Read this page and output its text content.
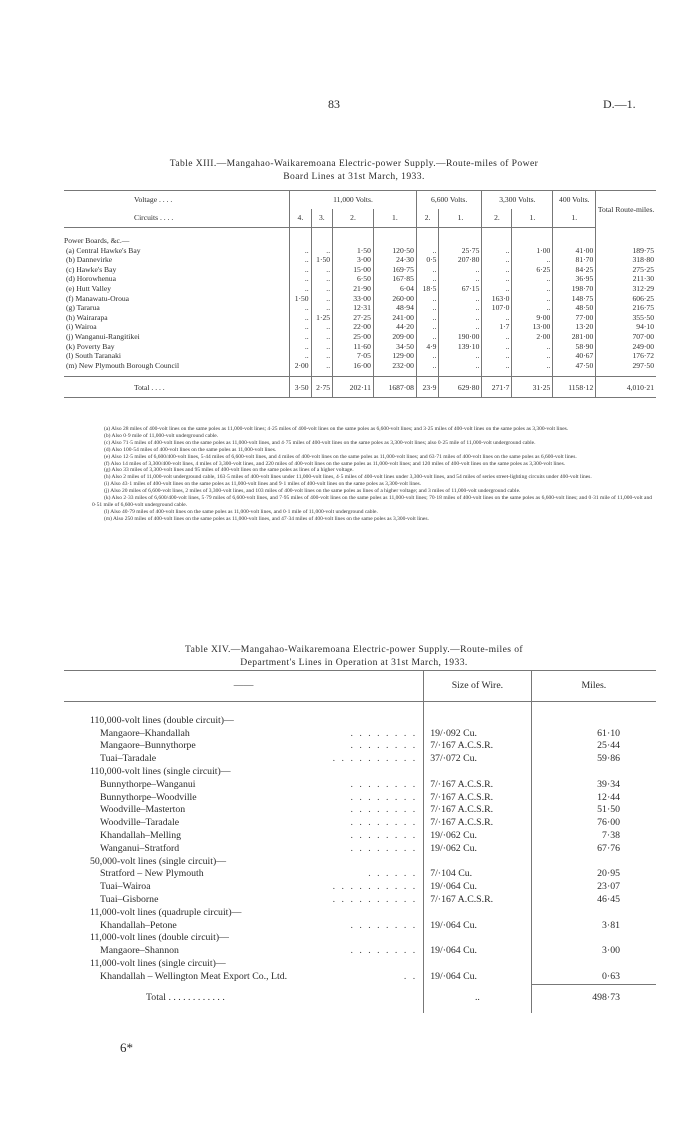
83	D.—1.
Table XIII.—Mangahao-Waikaremoana Electric-power Supply.—Route-miles of Power
Board Lines at 31st March, 1933.
Voltage . . . .	11,000 Volts.				6,600 Volts.		3,300 Volts.		400 Volts.	Total Route-miles.
Circuits . . . .	4.	3.	2.	1.	2.	1.	2.	1.	1.	
Power Boards, &c.—										
(a) Central Hawke's Bay	..	..	1·50	120·50	..	25·75	..	1·00	41·00	189·75
(b) Dannevirke	..	1·50	3·00	24·30	0·5	207·80	..	..	81·70	318·80
(c) Hawke's Bay	..	..	15·00	169·75	..	..	..	6·25	84·25	275·25
(d) Horowhenua	..	..	6·50	167·85	..	..	..	..	36·95	211·30
(e) Hutt Valley	..	..	21·90	6·04	18·5	67·15	..	..	198·70	312·29
(f) Manawatu-Oroua	1·50	..	33·00	260·00	..	..	163·0	..	148·75	606·25
(g) Tararua	..	..	12·31	48·94	..	..	107·0	..	48·50	216·75
(h) Wairarapa	..	1·25	27·25	241·00	..	..	..	9·00	77·00	355·50
(i) Wairoa	..	..	22·00	44·20	..	..	1·7	13·00	13·20	94·10
(j) Wanganui-Rangitikei	..	..	25·00	209·00	..	190·00	..	2·00	281·00	707·00
(k) Poverty Bay	..	..	11·60	34·50	4·9	139·10	..	..	58·90	249·00
(l) South Taranaki	..	..	7·05	129·00	..	..	..	..	40·67	176·72
(m) New Plymouth Borough Council	2·00	..	16·00	232·00	..	..	..	..	47·50	297·50

Total . . . .	3·50	2·75	202·11	1687·08	23·9	629·80	271·7	31·25	1158·12	4,010·21

(a) Also 28 miles of 400-volt lines on the same poles as 11,000-volt lines; 4·25 miles of 400-volt lines on the same poles as 6,600-volt lines; and 3·25 miles of 400-volt lines on the same poles as 3,300-volt lines.

(b) Also 0·9 mile of 11,000-volt underground cable.

(c) Also 71·5 miles of 400-volt lines on the same poles as 11,000-volt lines, and 4·75 miles of 400-volt lines on the same poles as 3,300-volt lines; also 0·25 mile of 11,000-volt underground cable.

(d) Also 100·54 miles of 400-volt lines on the same poles as 11,000-volt lines.

(e) Also 12·5 miles of 6,600/400-volt lines, 5·44 miles of 6,600-volt lines, and 4 miles of 400-volt lines on the same poles as 11,000-volt lines; and 63·71 miles of 400-volt lines on the same poles as 6,600-volt lines.

(f) Also 14 miles of 3,300/400-volt lines, 4 miles of 3,300-volt lines, and 220 miles of 400-volt lines on the same poles as 11,000-volt lines; and 120 miles of 400-volt lines on the same poles as 3,300-volt lines.

(g) Also 33 miles of 3,300-volt lines and 95 miles of 400-volt lines on the same poles as lines of a higher voltage.

(h) Also 2 miles of 11,000-volt underground cable, 163·5 miles of 400-volt lines under 11,000-volt lines, 4·5 miles of 400-volt lines under 3,300-volt lines, and 54 miles of series street-lighting circuits under 400-volt lines.

(i) Also 43·1 miles of 400-volt lines on the same poles as 11,000-volt lines and 9·1 miles of 400-volt lines on the same poles as 3,300-volt lines.

(j) Also 20 miles of 6,600-volt lines, 2 miles of 3,300-volt lines, and 103 miles of 400-volt lines on the same poles as lines of a higher voltage; and 3 miles of 11,000-volt underground cable.

(k) Also 2·33 miles of 6,600/400-volt lines, 5·79 miles of 6,600-volt lines, and 7·95 miles of 400-volt lines on the same poles as 11,000-volt lines; 70·18 miles of 400-volt lines on the same poles as 6,600-volt lines; and 0·31 mile of 11,000-volt and 0·51 mile of 6,600-volt underground cable.

(l) Also 40·79 miles of 400-volt lines on the same poles as 11,000-volt lines, and 0·1 mile of 11,000-volt underground cable.

(m) Also 250 miles of 400-volt lines on the same poles as 11,000-volt lines, and 47·34 miles of 400-volt lines on the same poles as 3,300-volt lines.

Table XIV.—Mangahao-Waikaremoana Electric-power Supply.—Route-miles of
Department's Lines in Operation at 31st March, 1933.
——	Size of Wire.	Miles.

110,000-volt lines (double circuit)—		
Mangaore–Khandallah . . . . . . . .	19/·092 Cu.	61·10
Mangaore–Bunnythorpe . . . . . . . .	7/·167 A.C.S.R.	25·44
Tuai–Taradale . . . . . . . . . .	37/·072 Cu.	59·86
110,000-volt lines (single circuit)—		
Bunnythorpe–Wanganui . . . . . . . .	7/·167 A.C.S.R.	39·34
Bunnythorpe–Woodville . . . . . . . .	7/·167 A.C.S.R.	12·44
Woodville–Masterton . . . . . . . .	7/·167 A.C.S.R.	51·50
Woodville–Taradale . . . . . . . .	7/·167 A.C.S.R.	76·00
Khandallah–Melling . . . . . . . .	19/·062 Cu.	7·38
Wanganui–Stratford . . . . . . . .	19/·062 Cu.	67·76
50,000-volt lines (single circuit)—		
Stratford – New Plymouth . . . . . .	7/·104 Cu.	20·95
Tuai–Wairoa . . . . . . . . . .	19/·064 Cu.	23·07
Tuai–Gisborne . . . . . . . . . .	7/·167 A.C.S.R.	46·45
11,000-volt lines (quadruple circuit)—		
Khandallah–Petone . . . . . . . .	19/·064 Cu.	3·81
11,000-volt lines (double circuit)—		
Mangaore–Shannon . . . . . . . .	19/·064 Cu.	3·00
11,000-volt lines (single circuit)—		
Khandallah – Wellington Meat Export Co., Ltd. . .	19/·064 Cu.	0·63
Total . . . . . . . . . . . .	..	498·73
6*
